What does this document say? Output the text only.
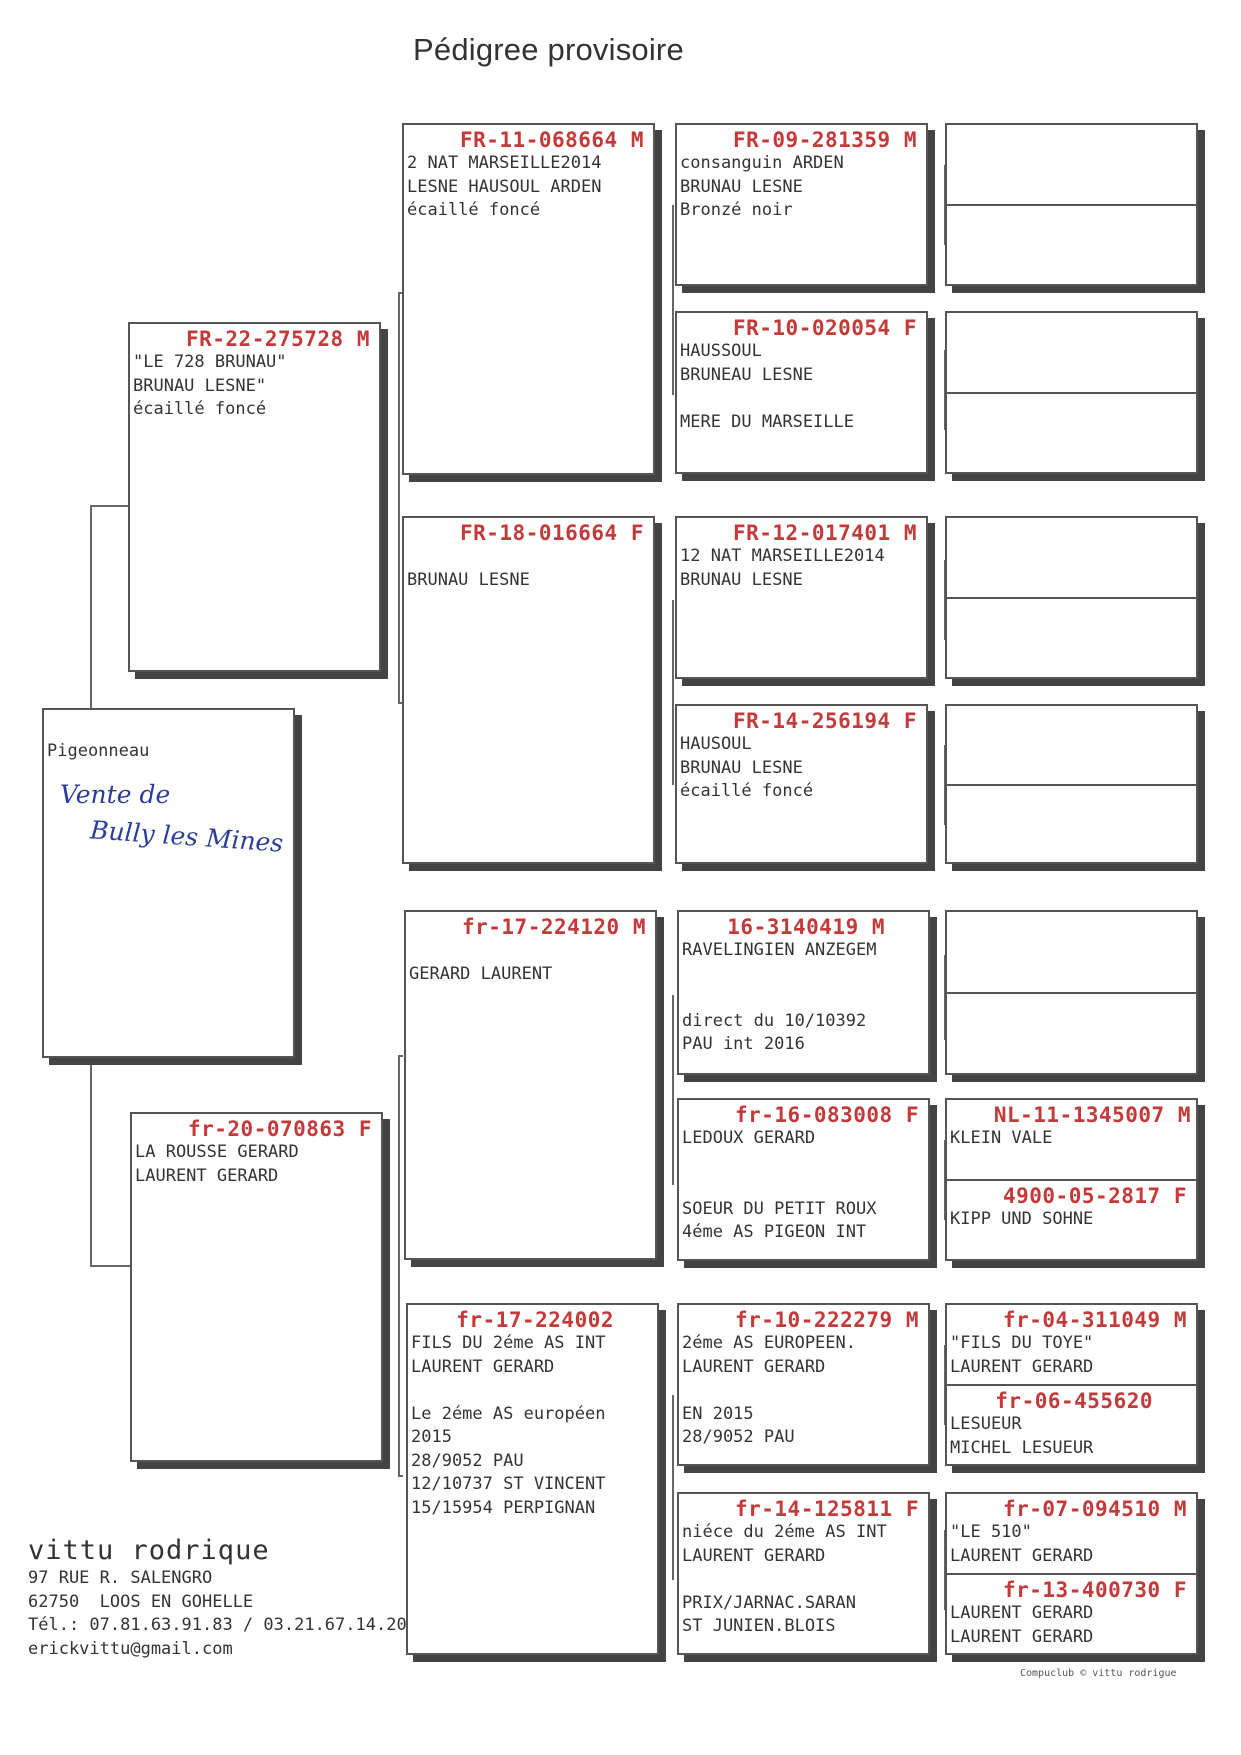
Pédigree provisoire
Pigeonneau
Vente de
Bully les Mines
FR-22-275728 M
"LE 728 BRUNAU"
BRUNAU LESNE"
écaillé foncé
fr-20-070863 F
LA ROUSSE GERARD
LAURENT GERARD
FR-11-068664 M
2 NAT MARSEILLE2014
LESNE HAUSOUL ARDEN
écaillé foncé
FR-18-016664 F
BRUNAU LESNE
fr-17-224120 M
GERARD LAURENT
fr-17-224002
FILS DU 2éme AS INT
LAURENT GERARD
Le 2éme AS européen
2015
28/9052 PAU
12/10737 ST VINCENT
15/15954 PERPIGNAN
FR-09-281359 M
consanguin ARDEN
BRUNAU LESNE
Bronzé noir
FR-10-020054 F
HAUSSOUL
BRUNEAU LESNE
MERE DU MARSEILLE
FR-12-017401 M
12 NAT MARSEILLE2014
BRUNAU LESNE
FR-14-256194 F
HAUSOUL
BRUNAU LESNE
écaillé foncé
16-3140419 M
RAVELINGIEN ANZEGEM
direct du 10/10392
PAU int 2016
fr-16-083008 F
LEDOUX GERARD
SOEUR DU PETIT ROUX
4éme AS PIGEON INT
fr-10-222279 M
2éme AS EUROPEEN.
LAURENT GERARD
EN 2015
28/9052 PAU
fr-14-125811 F
niéce du 2éme AS INT
LAURENT GERARD
PRIX/JARNAC.SARAN
ST JUNIEN.BLOIS
NL-11-1345007 M
KLEIN VALE
4900-05-2817 F
KIPP UND SOHNE
fr-04-311049 M
"FILS DU TOYE"
LAURENT GERARD
fr-06-455620
LESUEUR
MICHEL LESUEUR
fr-07-094510 M
"LE 510"
LAURENT GERARD
fr-13-400730 F
LAURENT GERARD
LAURENT GERARD
vittu rodrique
97 RUE R. SALENGRO
62750  LOOS EN GOHELLE
Tél.: 07.81.63.91.83 / 03.21.67.14.20
erickvittu@gmail.com
Compuclub © vittu rodrigue
